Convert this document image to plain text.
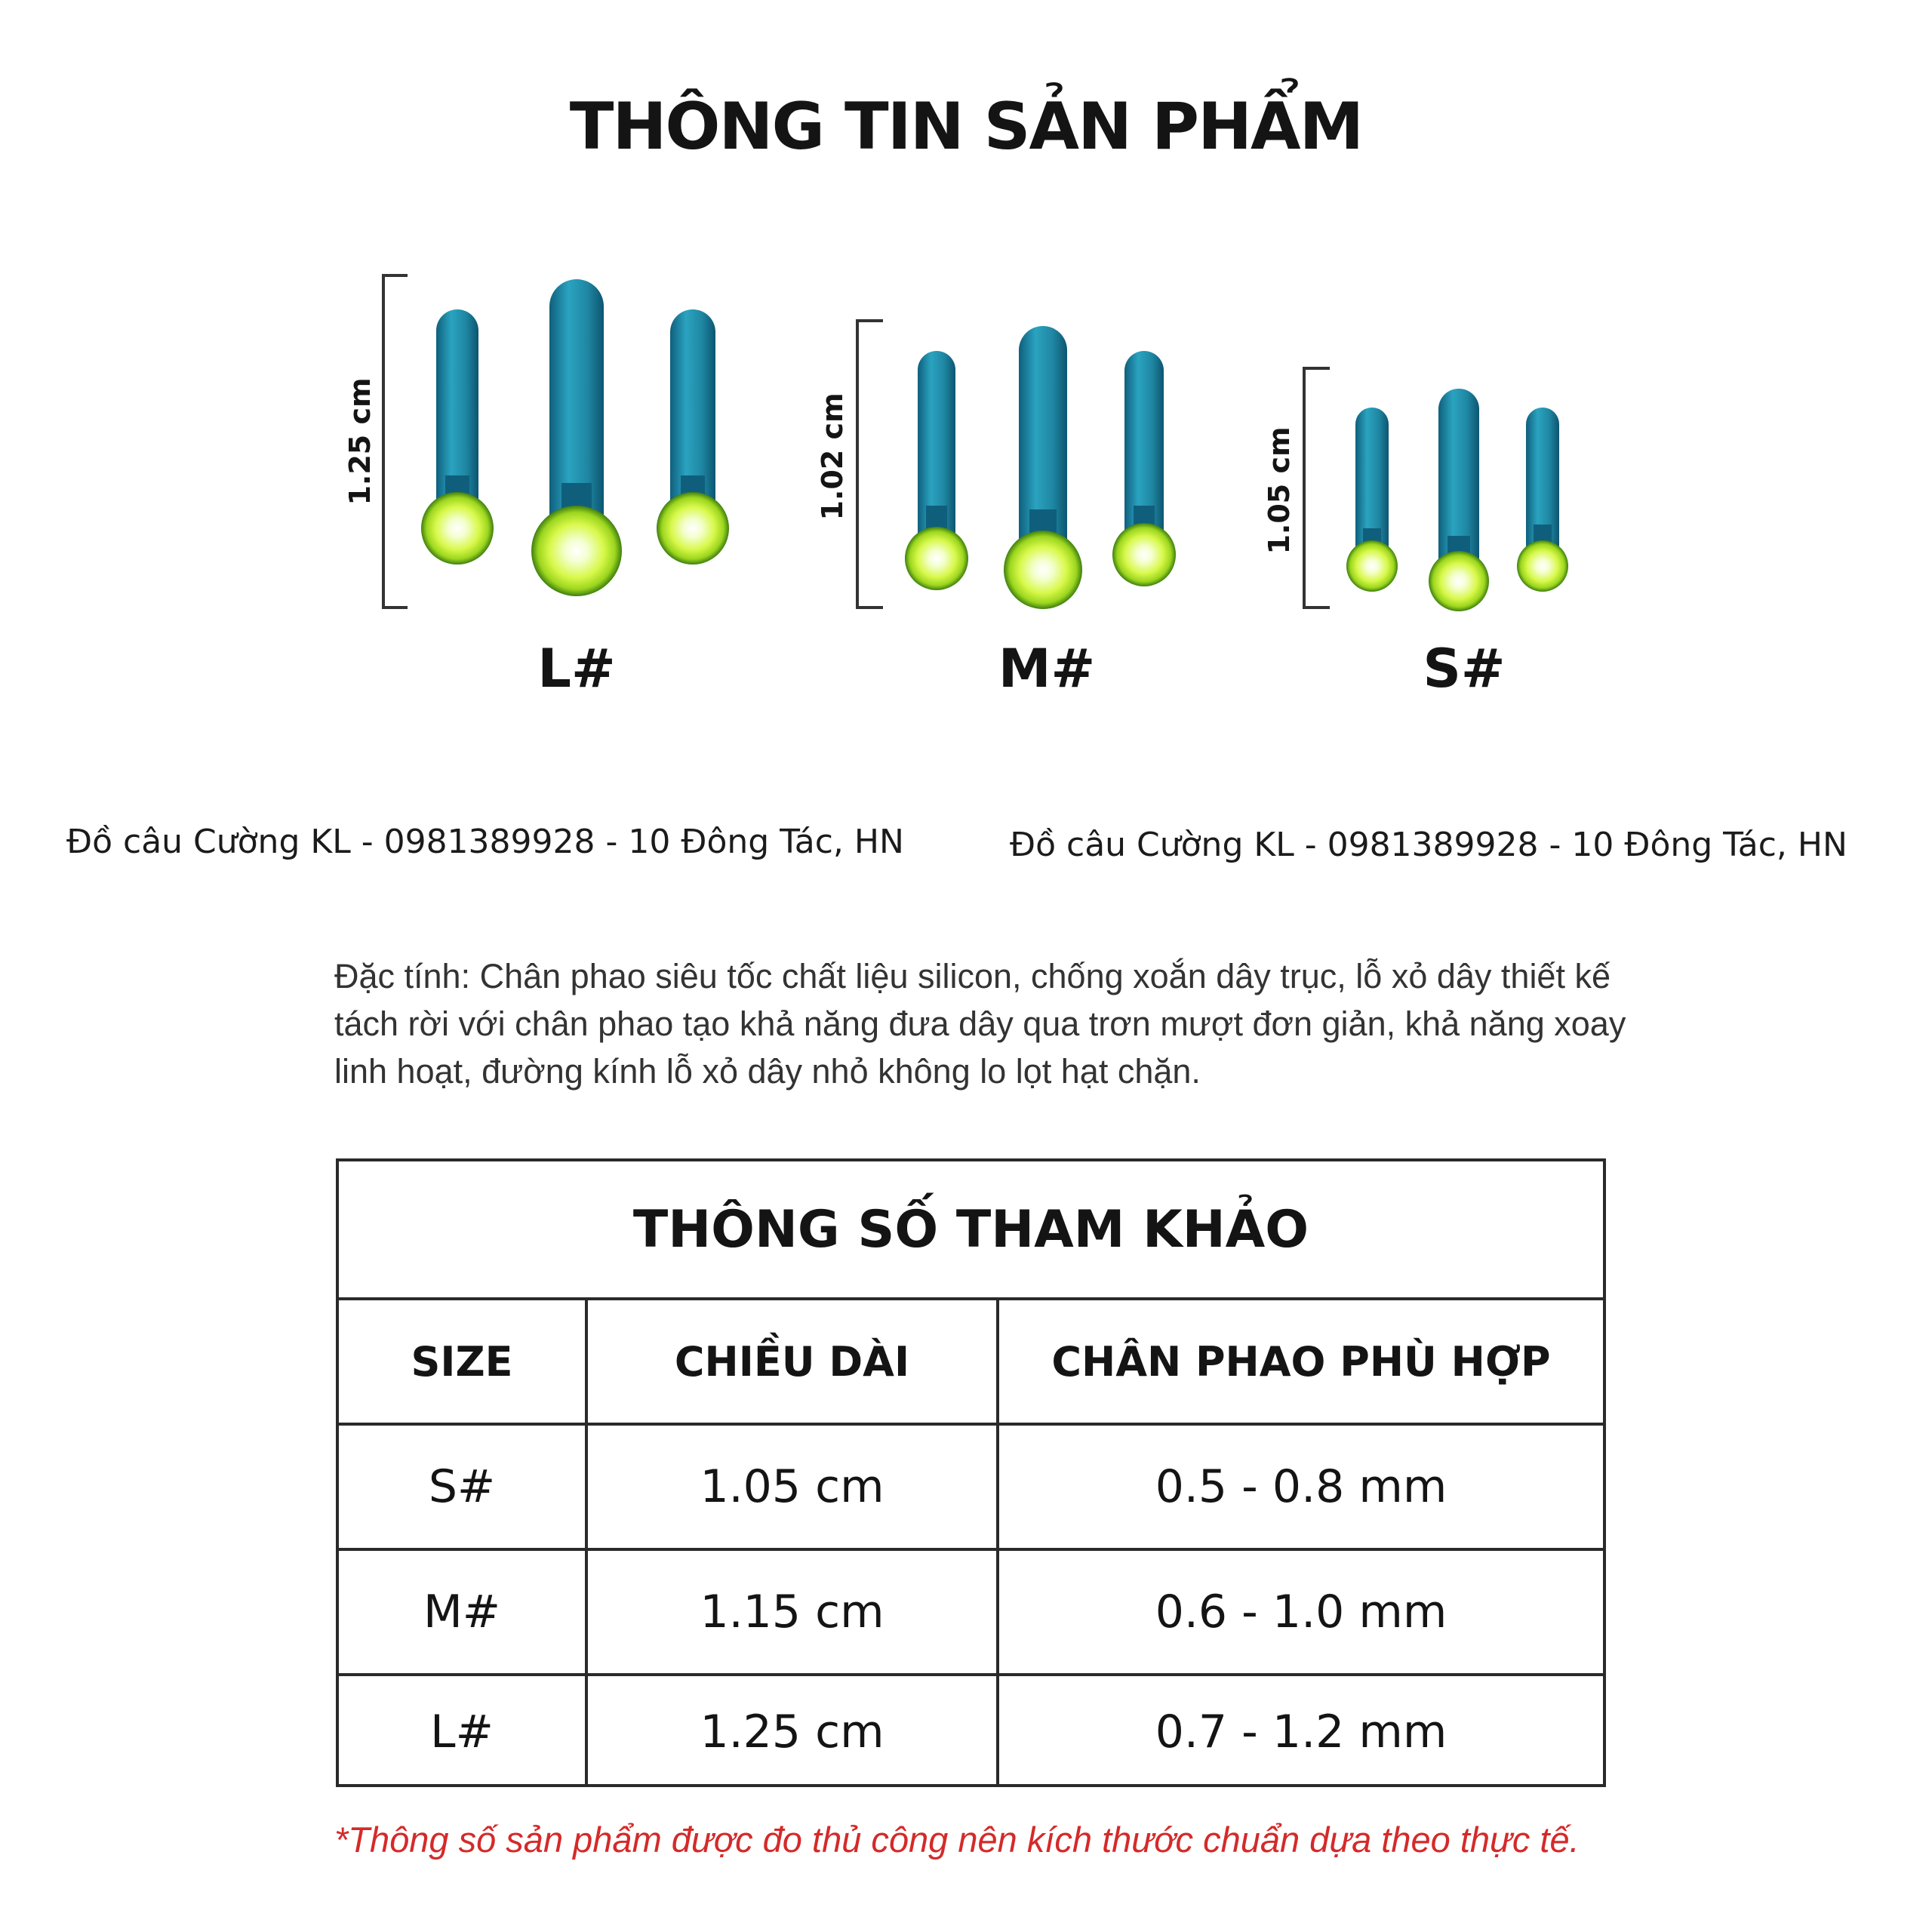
THÔNG TIN SẢN PHẨM
1.25 cm	1.02 cm	1.05 cm
L#	M#	S#
Đồ câu Cường KL - 0981389928 - 10 Đông Tác, HN	Đồ câu Cường KL - 0981389928 - 10 Đông Tác, HN
Đặc tính: Chân phao siêu tốc chất liệu silicon, chống xoắn dây trục, lỗ xỏ dây thiết kế tách rời với chân phao tạo khả năng đưa dây qua trơn mượt đơn giản, khả năng xoay linh hoạt, đường kính lỗ xỏ dây nhỏ không lo lọt hạt chặn.
THÔNG SỐ THAM KHẢO
SIZE	CHIỀU DÀI	CHÂN PHAO PHÙ HỢP
S#	1.05 cm	0.5 - 0.8 mm
M#	1.15 cm	0.6 - 1.0 mm
L#	1.25 cm	0.7 - 1.2 mm
*Thông số sản phẩm được đo thủ công nên kích thước chuẩn dựa theo thực tế.
